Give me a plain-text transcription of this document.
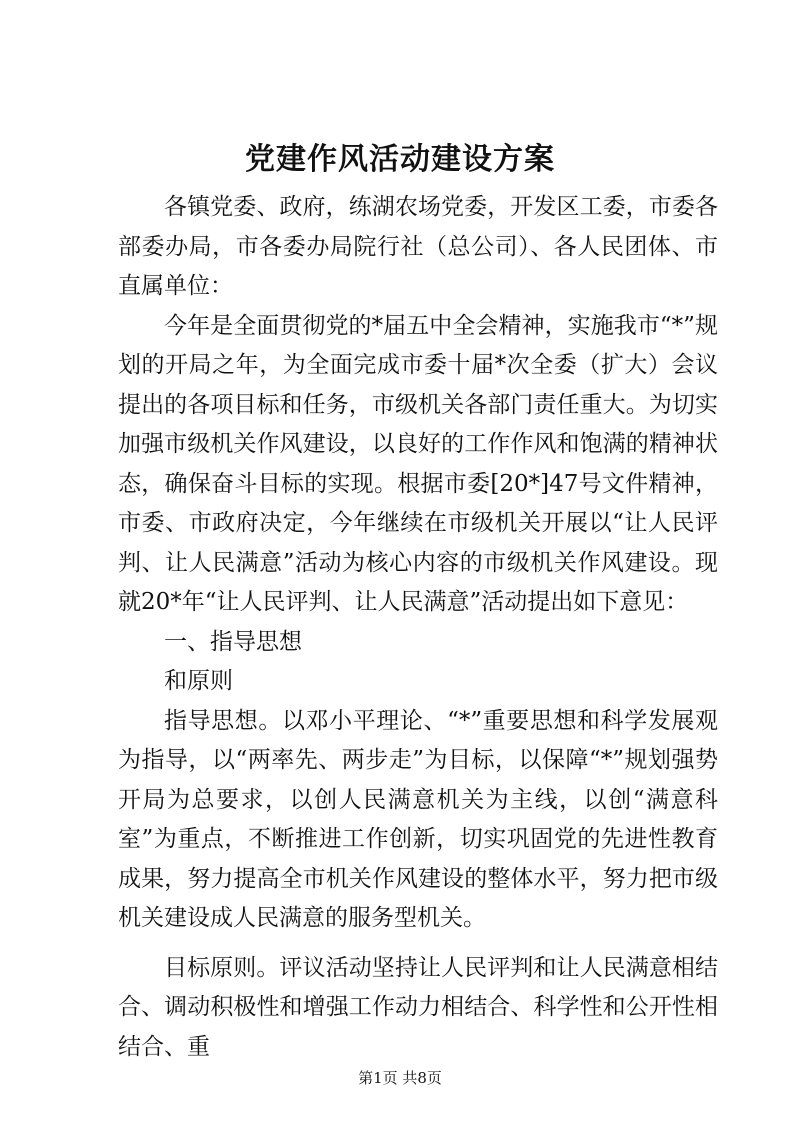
党建作风活动建设方案

各镇党委、政府，练湖农场党委，开发区工委，市委各部委办局，市各委办局院行社（总公司）、各人民团体、市直属单位：

今年是全面贯彻党的*届五中全会精神，实施我市“*”规划的开局之年，为全面完成市委十届*次全委（扩大）会议提出的各项目标和任务，市级机关各部门责任重大。为切实加强市级机关作风建设，以良好的工作作风和饱满的精神状态，确保奋斗目标的实现。根据市委[20*]47号文件精神，市委、市政府决定，今年继续在市级机关开展以“让人民评判、让人民满意”活动为核心内容的市级机关作风建设。现就20*年“让人民评判、让人民满意”活动提出如下意见：

一、指导思想

和原则

指导思想。以邓小平理论、“*”重要思想和科学发展观为指导，以“两率先、两步走”为目标，以保障“*”规划强势开局为总要求，以创人民满意机关为主线，以创“满意科室”为重点，不断推进工作创新，切实巩固党的先进性教育成果，努力提高全市机关作风建设的整体水平，努力把市级机关建设成人民满意的服务型机关。

目标原则。评议活动坚持让人民评判和让人民满意相结合、调动积极性和增强工作动力相结合、科学性和公开性相结合、重

第1页 共8页
